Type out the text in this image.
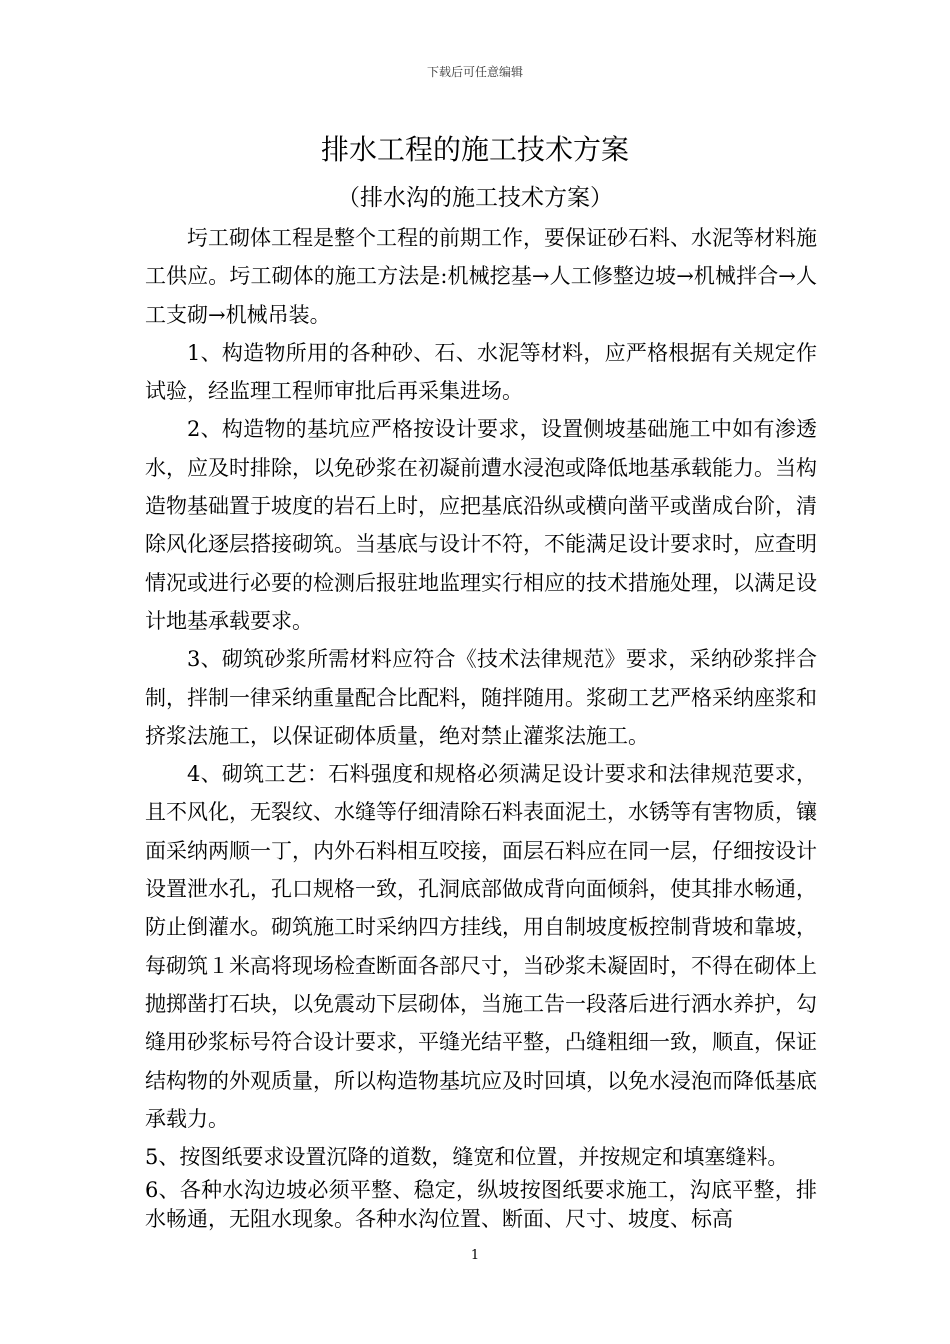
下载后可任意编辑
排水工程的施工技术方案
（排水沟的施工技术方案）

圬工砌体工程是整个工程的前期工作，要保证砂石料、水泥等材料施工供应。圬工砌体的施工方法是:机械挖基→人工修整边坡→机械拌合→人工支砌→机械吊装。

1、构造物所用的各种砂、石、水泥等材料，应严格根据有关规定作试验，经监理工程师审批后再采集进场。

2、构造物的基坑应严格按设计要求，设置侧坡基础施工中如有渗透水，应及时排除，以免砂浆在初凝前遭水浸泡或降低地基承载能力。当构造物基础置于坡度的岩石上时，应把基底沿纵或横向凿平或凿成台阶，清除风化逐层搭接砌筑。当基底与设计不符，不能满足设计要求时，应查明情况或进行必要的检测后报驻地监理实行相应的技术措施处理，以满足设计地基承载要求。

3、砌筑砂浆所需材料应符合《技术法律规范》要求，采纳砂浆拌合制，拌制一律采纳重量配合比配料，随拌随用。浆砌工艺严格采纳座浆和挤浆法施工，以保证砌体质量，绝对禁止灌浆法施工。

4、砌筑工艺：石料强度和规格必须满足设计要求和法律规范要求，且不风化，无裂纹、水缝等仔细清除石料表面泥土，水锈等有害物质，镶面采纳两顺一丁，内外石料相互咬接，面层石料应在同一层，仔细按设计设置泄水孔，孔口规格一致，孔洞底部做成背向面倾斜，使其排水畅通，防止倒灌水。砌筑施工时采纳四方挂线，用自制坡度板控制背坡和靠坡，每砌筑１米高将现场检查断面各部尺寸，当砂浆未凝固时，不得在砌体上抛掷凿打石块，以免震动下层砌体，当施工告一段落后进行洒水养护，勾缝用砂浆标号符合设计要求，平缝光结平整，凸缝粗细一致，顺直，保证结构物的外观质量，所以构造物基坑应及时回填，以免水浸泡而降低基底承载力。

5、按图纸要求设置沉降的道数，缝宽和位置，并按规定和填塞缝料。

6、各种水沟边坡必须平整、稳定，纵坡按图纸要求施工，沟底平整，排水畅通，无阻水现象。各种水沟位置、断面、尺寸、坡度、标高

1
